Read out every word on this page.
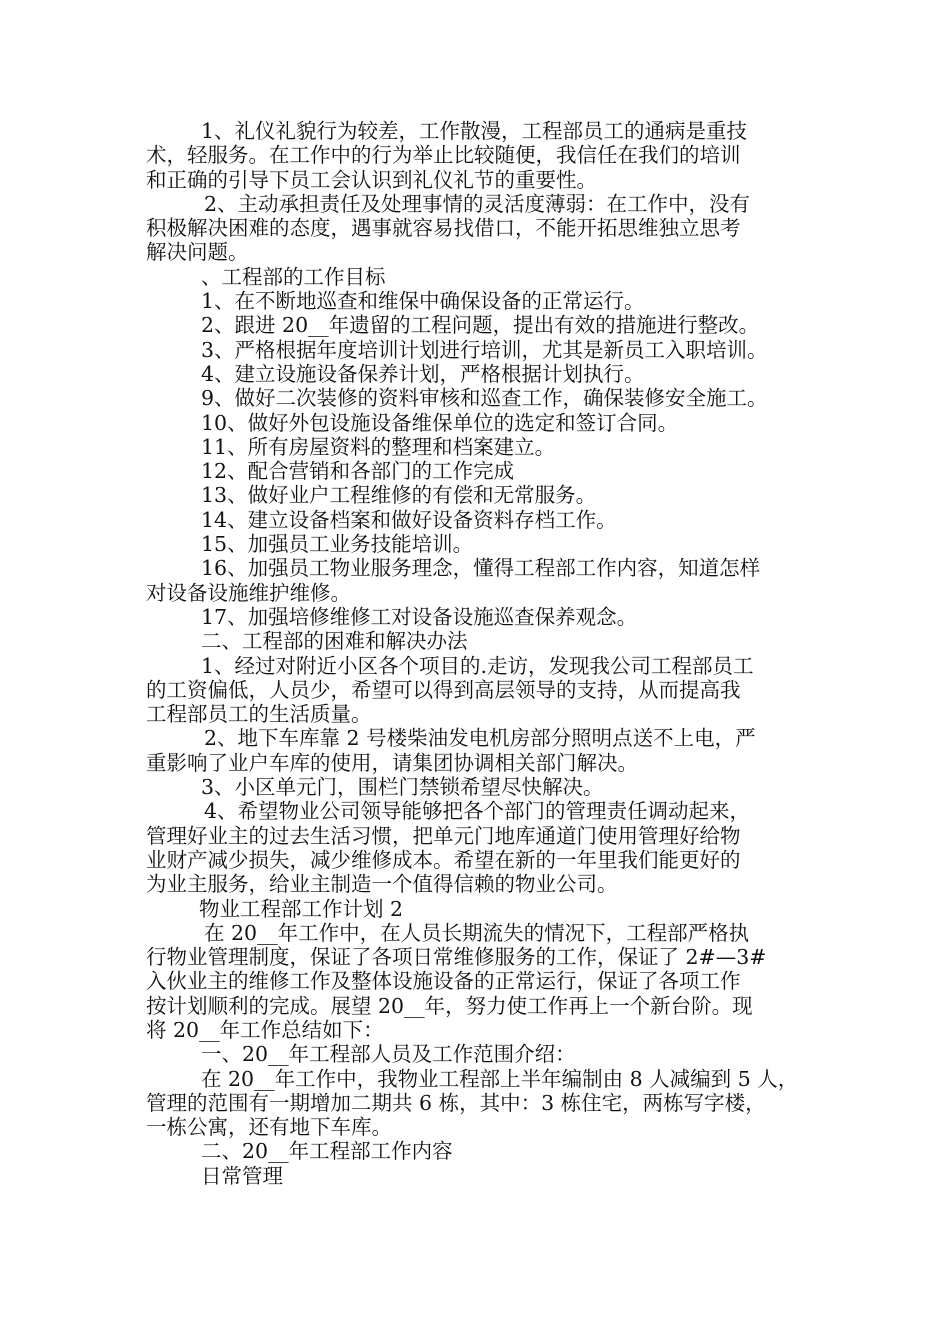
1、礼仪礼貌行为较差，工作散漫，工程部员工的通病是重技

术，轻服务。在工作中的行为举止比较随便，我信任在我们的培训

和正确的引导下员工会认识到礼仪礼节的重要性。

2、主动承担责任及处理事情的灵活度薄弱：在工作中，没有

积极解决困难的态度，遇事就容易找借口，不能开拓思维独立思考

解决问题。

、工程部的工作目标

1、在不断地巡查和维保中确保设备的正常运行。

2、跟进 20__年遗留的工程问题，提出有效的措施进行整改。

3、严格根据年度培训计划进行培训，尤其是新员工入职培训。

4、建立设施设备保养计划，严格根据计划执行。

9、做好二次装修的资料审核和巡查工作，确保装修安全施工。

10、做好外包设施设备维保单位的选定和签订合同。

11、所有房屋资料的整理和档案建立。

12、配合营销和各部门的工作完成

13、做好业户工程维修的有偿和无常服务。

14、建立设备档案和做好设备资料存档工作。

15、加强员工业务技能培训。

16、加强员工物业服务理念，懂得工程部工作内容，知道怎样

对设备设施维护维修。

17、加强培修维修工对设备设施巡查保养观念。

二、工程部的困难和解决办法

1、经过对附近小区各个项目的.走访，发现我公司工程部员工

的工资偏低，人员少，希望可以得到高层领导的支持，从而提高我

工程部员工的生活质量。

2、地下车库靠 2 号楼柴油发电机房部分照明点送不上电，严

重影响了业户车库的使用，请集团协调相关部门解决。

3、小区单元门，围栏门禁锁希望尽快解决。

4、希望物业公司领导能够把各个部门的管理责任调动起来，

管理好业主的过去生活习惯，把单元门地库通道门使用管理好给物

业财产减少损失，减少维修成本。希望在新的一年里我们能更好的

为业主服务，给业主制造一个值得信赖的物业公司。

物业工程部工作计划 2

在 20__年工作中，在人员长期流失的情况下，工程部严格执

行物业管理制度，保证了各项日常维修服务的工作，保证了 2#—3#

入伙业主的维修工作及整体设施设备的正常运行，保证了各项工作

按计划顺利的完成。展望 20__年，努力使工作再上一个新台阶。现

将 20__年工作总结如下：

一、20__年工程部人员及工作范围介绍：

在 20__年工作中，我物业工程部上半年编制由 8 人减编到 5 人，

管理的范围有一期增加二期共 6 栋，其中：3 栋住宅，两栋写字楼，

一栋公寓，还有地下车库。

二、20__年工程部工作内容

日常管理
